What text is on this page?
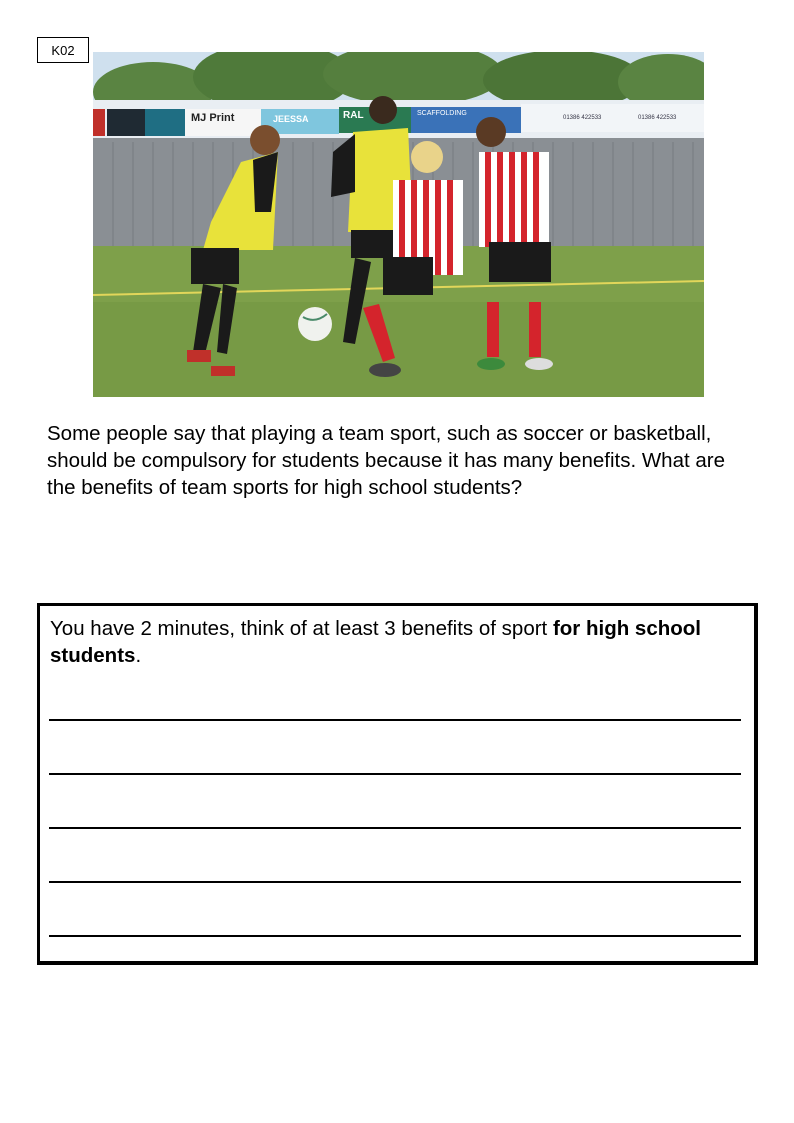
K02
MJ Print	JEESSA	RAL	SCAFFOLDING
01386 422533	01386 422533
Some people say that playing a team sport, such as soccer or basketball, should be compulsory for students because it has many benefits. What are the benefits of team sports for high school students?
You have 2 minutes, think of at least 3 benefits of sport for high school students.
